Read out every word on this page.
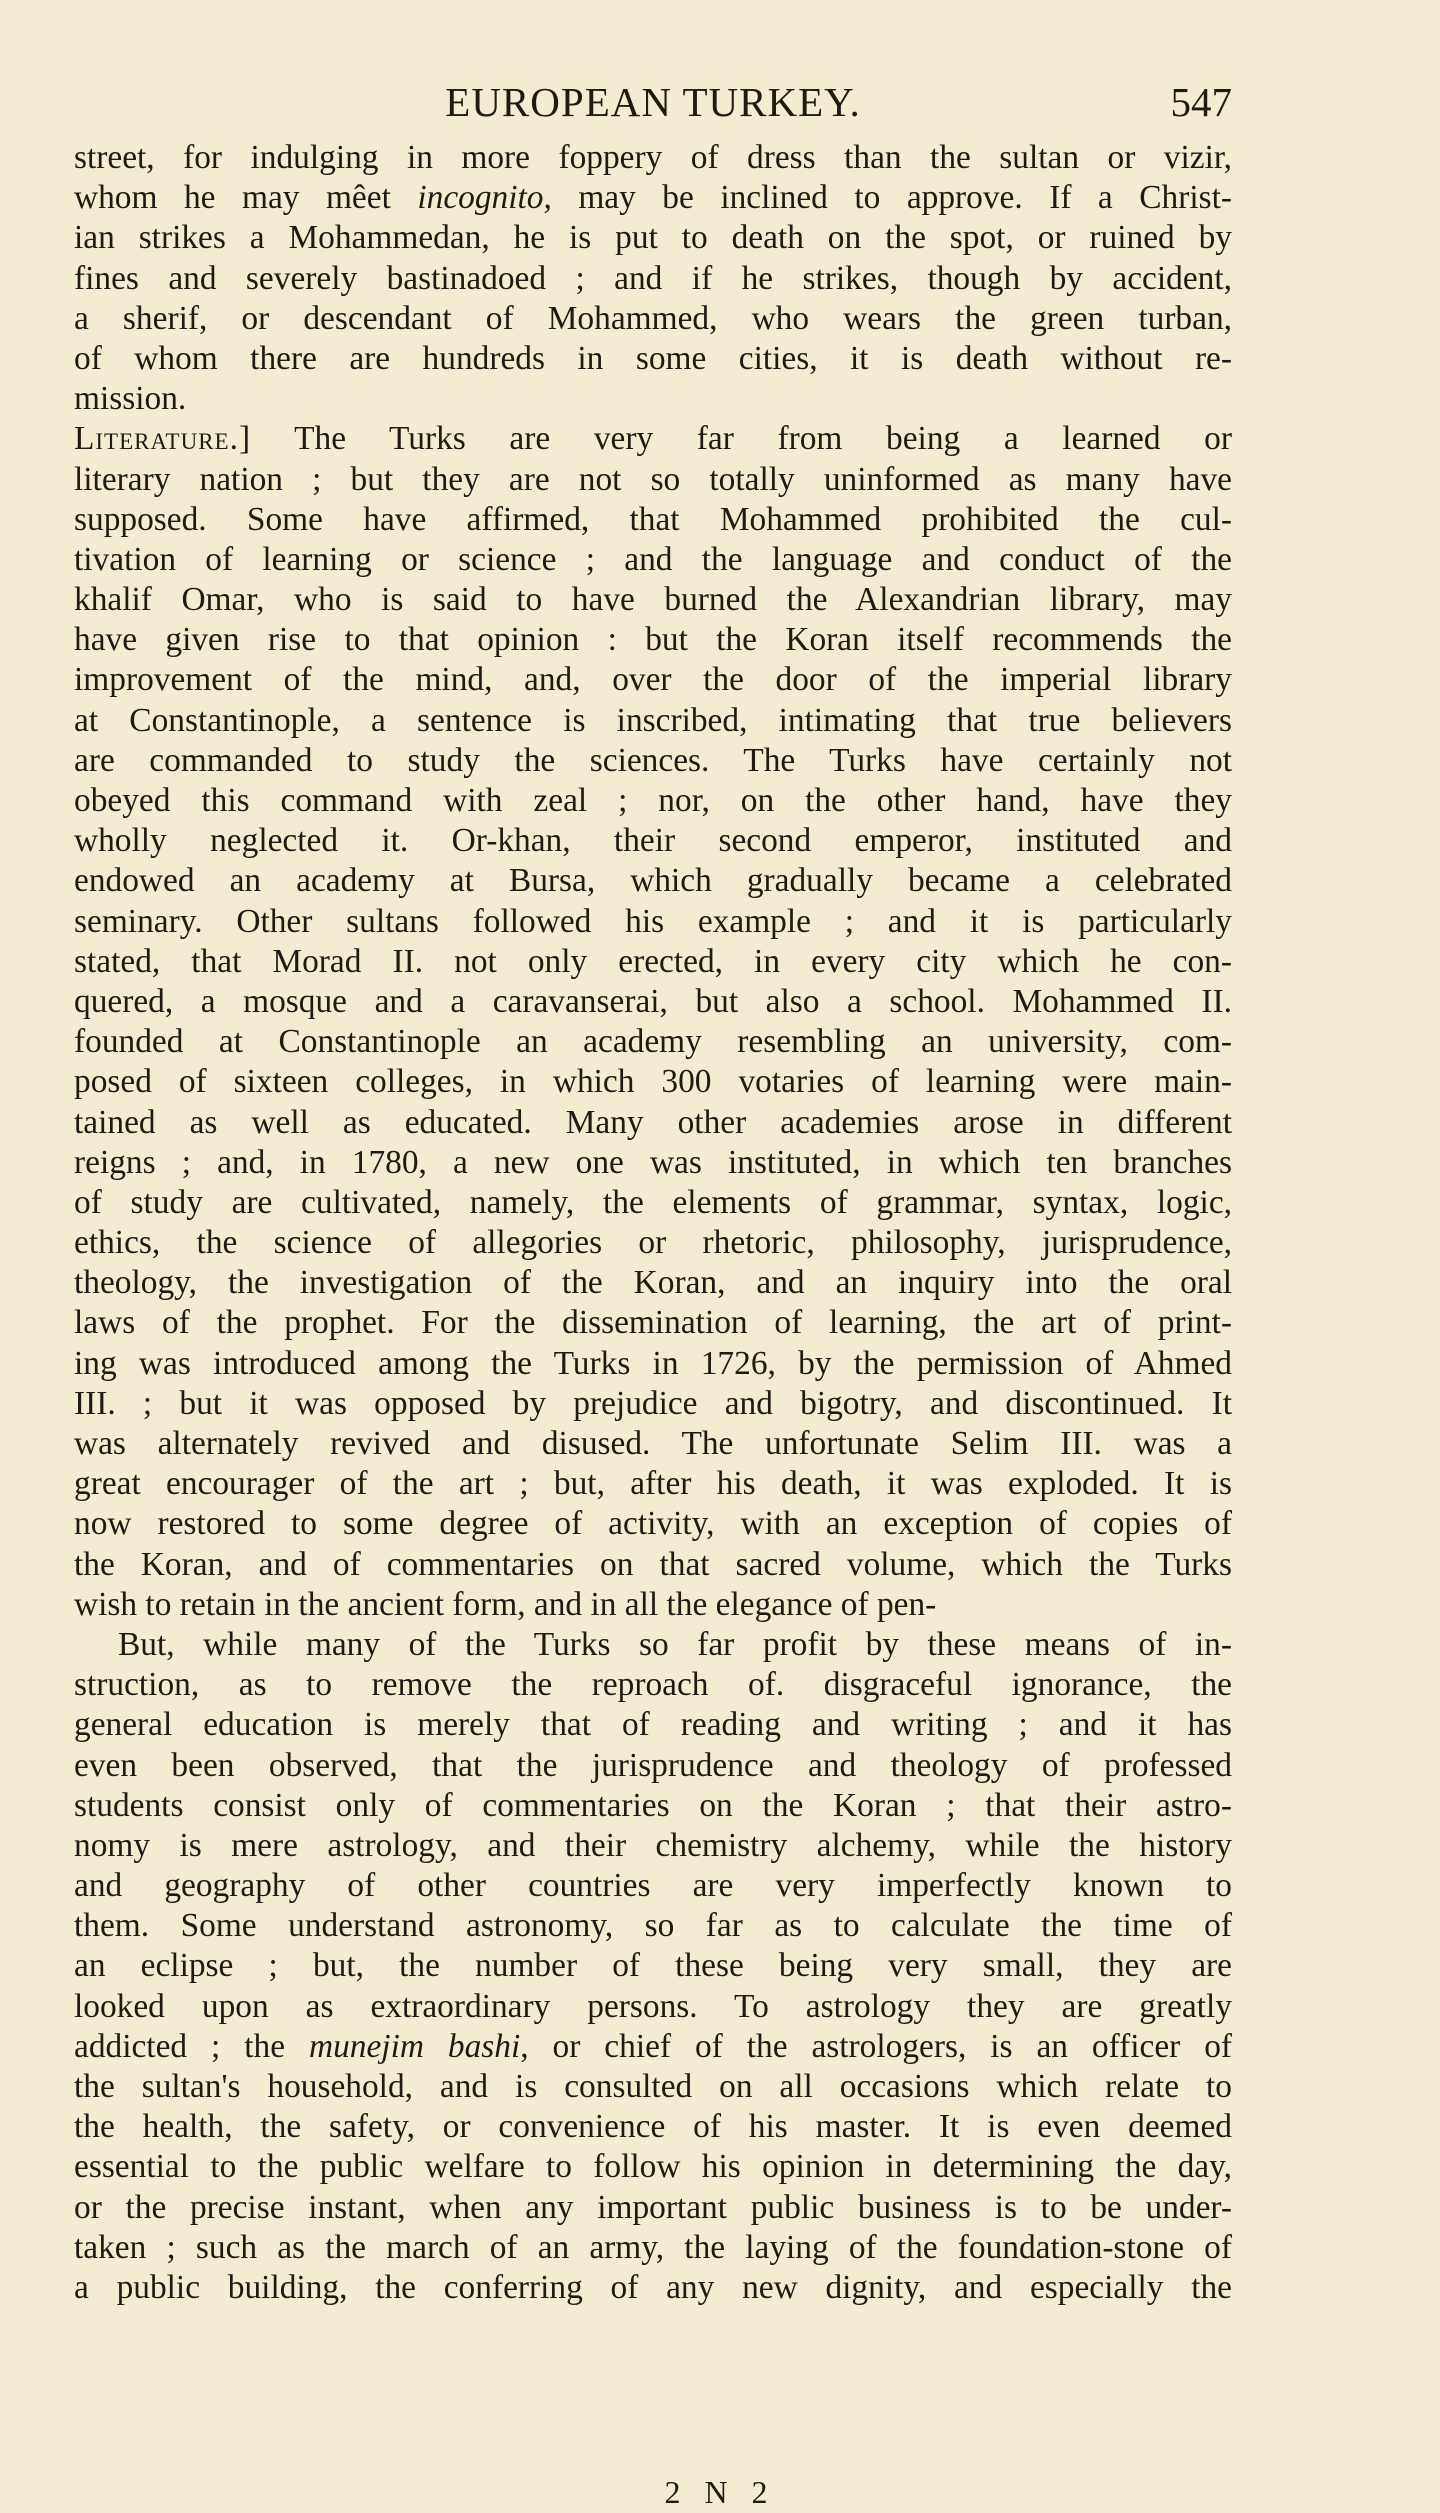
EUROPEAN TURKEY.	547
street, for indulging in more foppery of dress than the sultan or vizir,
whom he may mêet incognito, may be inclined to approve. If a Christ-
ian strikes a Mohammedan, he is put to death on the spot, or ruined by
fines and severely bastinadoed ; and if he strikes, though by accident,
a sherif, or descendant of Mohammed, who wears the green turban,
of whom there are hundreds in some cities, it is death without re-
mission.
Literature.] The Turks are very far from being a learned or
literary nation ; but they are not so totally uninformed as many have
supposed. Some have affirmed, that Mohammed prohibited the cul-
tivation of learning or science ; and the language and conduct of the
khalif Omar, who is said to have burned the Alexandrian library, may
have given rise to that opinion : but the Koran itself recommends the
improvement of the mind, and, over the door of the imperial library
at Constantinople, a sentence is inscribed, intimating that true believers
are commanded to study the sciences. The Turks have certainly not
obeyed this command with zeal ; nor, on the other hand, have they
wholly neglected it. Or-khan, their second emperor, instituted and
endowed an academy at Bursa, which gradually became a celebrated
seminary. Other sultans followed his example ; and it is particularly
stated, that Morad II. not only erected, in every city which he con-
quered, a mosque and a caravanserai, but also a school. Mohammed II.
founded at Constantinople an academy resembling an university, com-
posed of sixteen colleges, in which 300 votaries of learning were main-
tained as well as educated. Many other academies arose in different
reigns ; and, in 1780, a new one was instituted, in which ten branches
of study are cultivated, namely, the elements of grammar, syntax, logic,
ethics, the science of allegories or rhetoric, philosophy, jurisprudence,
theology, the investigation of the Koran, and an inquiry into the oral
laws of the prophet. For the dissemination of learning, the art of print-
ing was introduced among the Turks in 1726, by the permission of Ahmed
III. ; but it was opposed by prejudice and bigotry, and discontinued. It
was alternately revived and disused. The unfortunate Selim III. was a
great encourager of the art ; but, after his death, it was exploded. It is
now restored to some degree of activity, with an exception of copies of
the Koran, and of commentaries on that sacred volume, which the Turks
wish to retain in the ancient form, and in all the elegance of pen-
But, while many of the Turks so far profit by these means of in-
struction, as to remove the reproach of. disgraceful ignorance, the
general education is merely that of reading and writing ; and it has
even been observed, that the jurisprudence and theology of professed
students consist only of commentaries on the Koran ; that their astro-
nomy is mere astrology, and their chemistry alchemy, while the history
and geography of other countries are very imperfectly known to
them. Some understand astronomy, so far as to calculate the time of
an eclipse ; but, the number of these being very small, they are
looked upon as extraordinary persons. To astrology they are greatly
addicted ; the munejim bashi, or chief of the astrologers, is an officer of
the sultan's household, and is consulted on all occasions which relate to
the health, the safety, or convenience of his master. It is even deemed
essential to the public welfare to follow his opinion in determining the day,
or the precise instant, when any important public business is to be under-
taken ; such as the march of an army, the laying of the foundation-stone of
a public building, the conferring of any new dignity, and especially the
2 N 2
